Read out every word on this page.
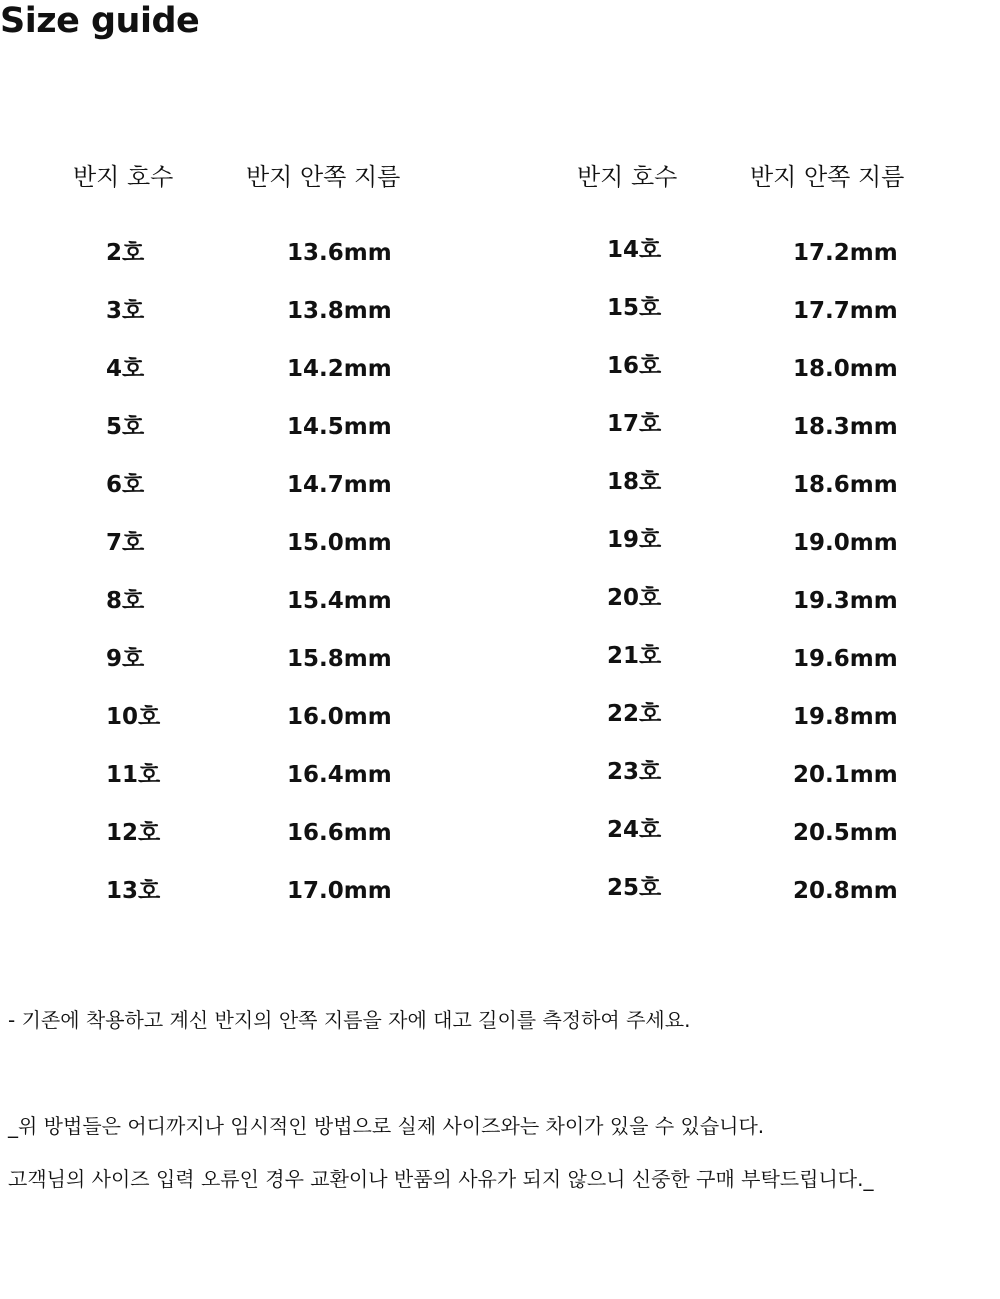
Size guide
반지 호수	반지 안쪽 지름	반지 호수	반지 안쪽 지름
2호	13.6mm
3호	13.8mm
4호	14.2mm
5호	14.5mm
6호	14.7mm
7호	15.0mm
8호	15.4mm
9호	15.8mm
10호	16.0mm
11호	16.4mm
12호	16.6mm
13호	17.0mm
14호	17.2mm
15호	17.7mm
16호	18.0mm
17호	18.3mm
18호	18.6mm
19호	19.0mm
20호	19.3mm
21호	19.6mm
22호	19.8mm
23호	20.1mm
24호	20.5mm
25호	20.8mm
- 기존에 착용하고 계신 반지의 안쪽 지름을 자에 대고 길이를 측정하여 주세요.
_위 방법들은 어디까지나 임시적인 방법으로 실제 사이즈와는 차이가 있을 수 있습니다.
고객님의 사이즈 입력 오류인 경우 교환이나 반품의 사유가 되지 않으니 신중한 구매 부탁드립니다._
